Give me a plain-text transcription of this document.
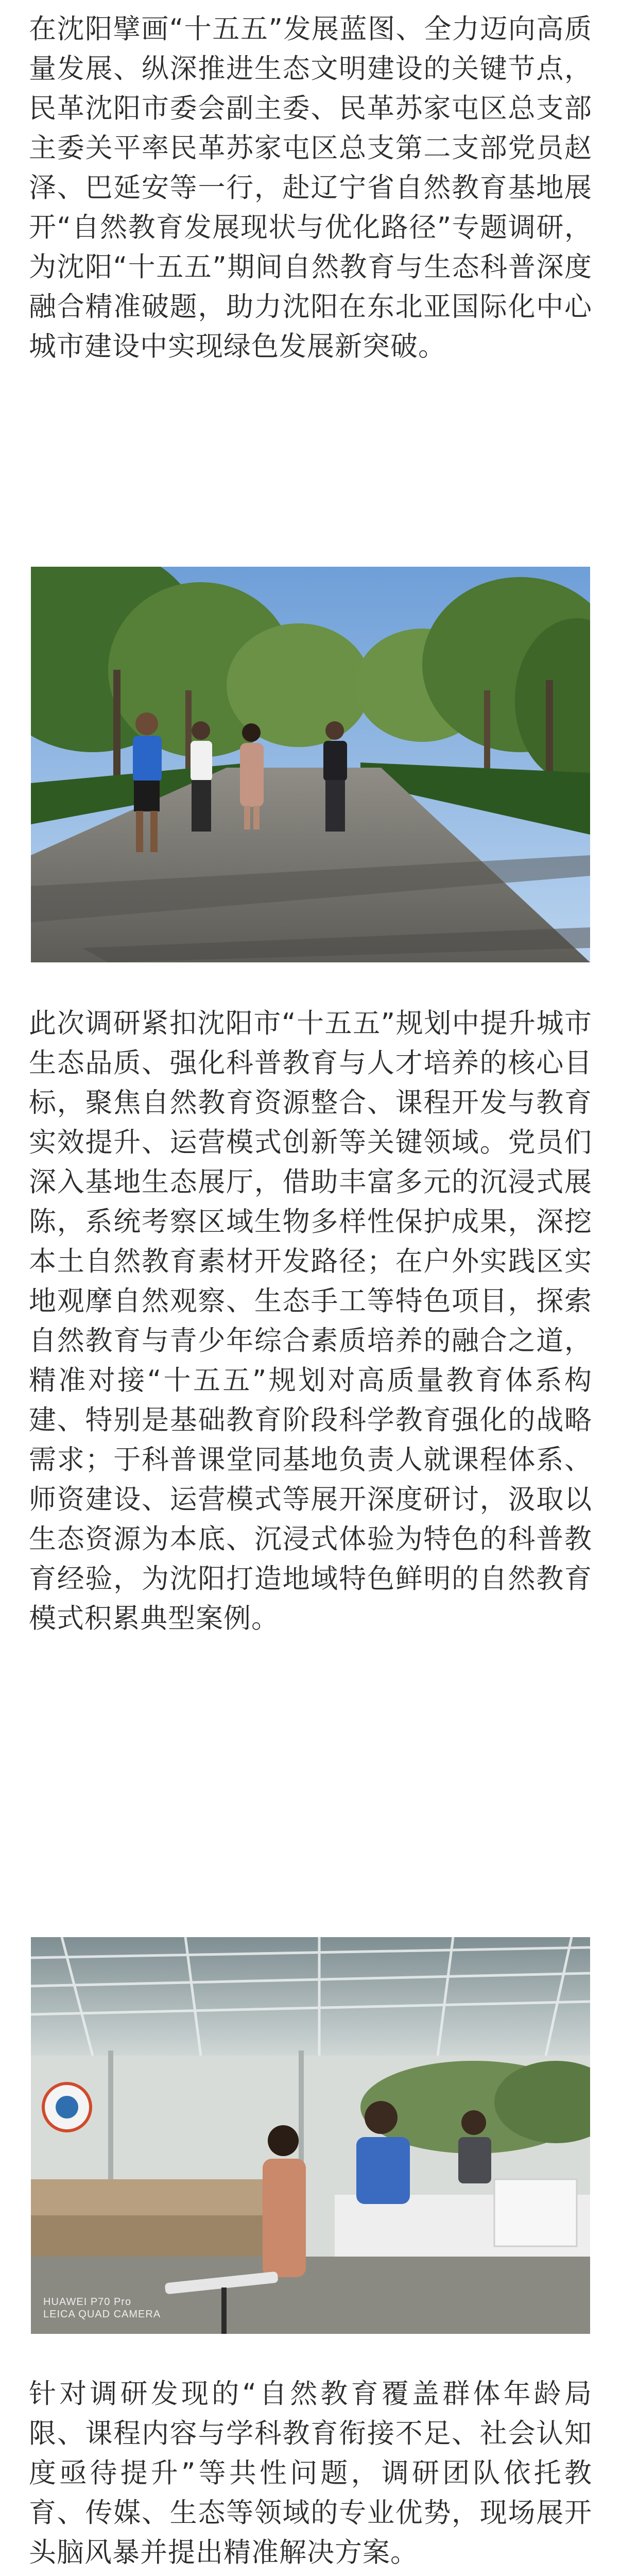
在沈阳擘画“十五五”发展蓝图、全力迈向高质量发展、纵深推进生态文明建设的关键节点，民革沈阳市委会副主委、民革苏家屯区总支部主委关平率民革苏家屯区总支第二支部党员赵泽、巴延安等一行，赴辽宁省自然教育基地展开“自然教育发展现状与优化路径”专题调研，为沈阳“十五五”期间自然教育与生态科普深度融合精准破题，助力沈阳在东北亚国际化中心城市建设中实现绿色发展新突破。

此次调研紧扣沈阳市“十五五”规划中提升城市生态品质、强化科普教育与人才培养的核心目标，聚焦自然教育资源整合、课程开发与教育实效提升、运营模式创新等关键领域。党员们深入基地生态展厅，借助丰富多元的沉浸式展陈，系统考察区域生物多样性保护成果，深挖本土自然教育素材开发路径；在户外实践区实地观摩自然观察、生态手工等特色项目，探索自然教育与青少年综合素质培养的融合之道，精准对接“十五五”规划对高质量教育体系构建、特别是基础教育阶段科学教育强化的战略需求；于科普课堂同基地负责人就课程体系、师资建设、运营模式等展开深度研讨，汲取以生态资源为本底、沉浸式体验为特色的科普教育经验，为沈阳打造地域特色鲜明的自然教育模式积累典型案例。

HUAWEI P70 Pro
LEICA QUAD CAMERA

针对调研发现的“自然教育覆盖群体年龄局限、课程内容与学科教育衔接不足、社会认知度亟待提升”等共性问题，调研团队依托教育、传媒、生态等领域的专业优势，现场展开头脑风暴并提出精准解决方案。
